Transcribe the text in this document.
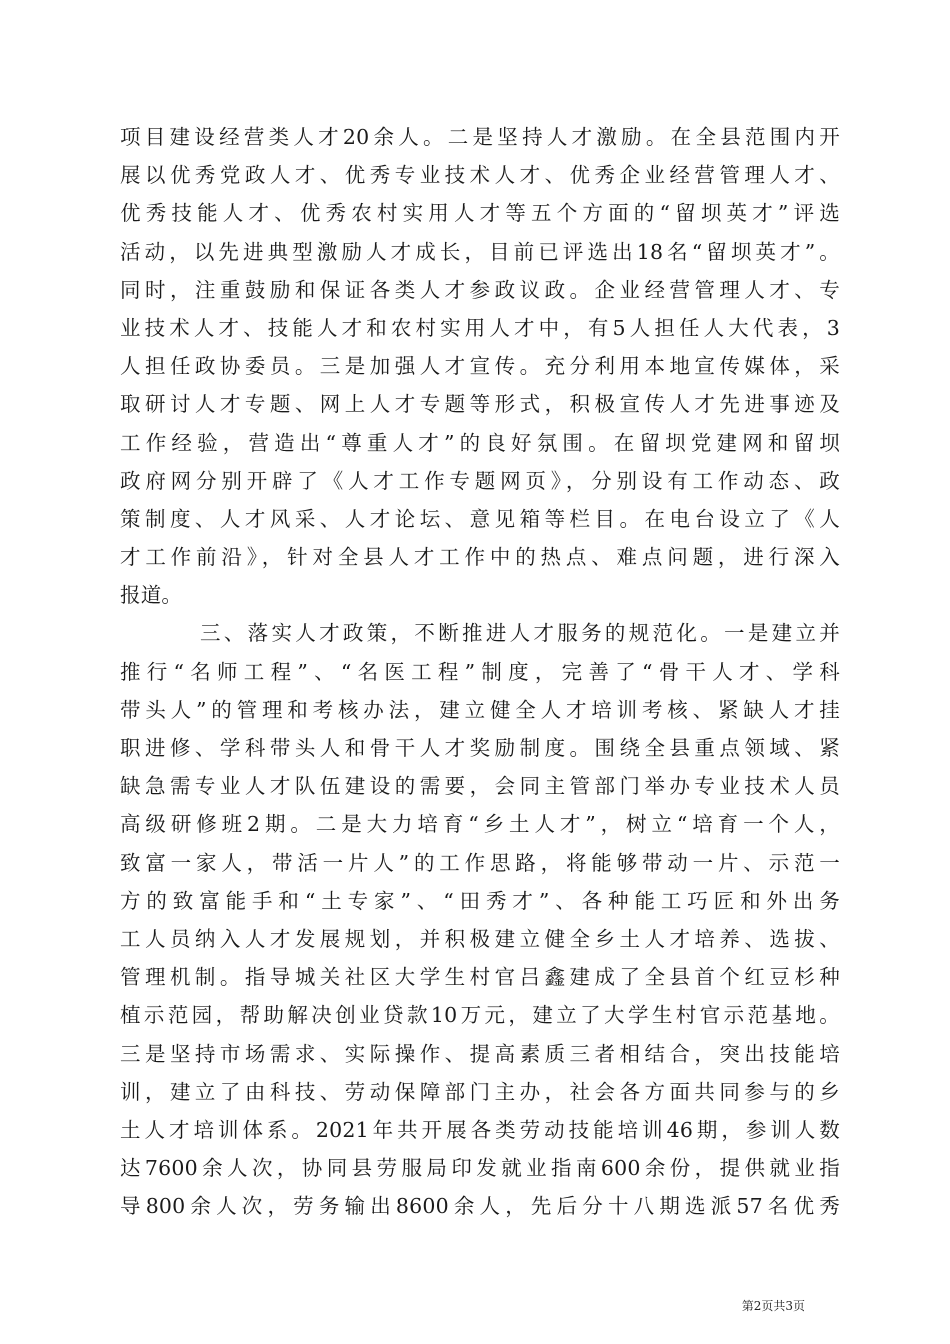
项目建设经营类人才20余人。二是坚持人才激励。在全县范围内开
展以优秀党政人才、优秀专业技术人才、优秀企业经营管理人才、
优秀技能人才、优秀农村实用人才等五个方面的“留坝英才”评选
活动，以先进典型激励人才成长，目前已评选出18名“留坝英才”。
同时，注重鼓励和保证各类人才参政议政。企业经营管理人才、专
业技术人才、技能人才和农村实用人才中，有5人担任人大代表，3
人担任政协委员。三是加强人才宣传。充分利用本地宣传媒体，采
取研讨人才专题、网上人才专题等形式，积极宣传人才先进事迹及
工作经验，营造出“尊重人才”的良好氛围。在留坝党建网和留坝
政府网分别开辟了《人才工作专题网页》，分别设有工作动态、政
策制度、人才风采、人才论坛、意见箱等栏目。在电台设立了《人
才工作前沿》，针对全县人才工作中的热点、难点问题，进行深入
报道。
三、落实人才政策，不断推进人才服务的规范化。一是建立并
推行“名师工程”、“名医工程”制度，完善了“骨干人才、学科
带头人”的管理和考核办法，建立健全人才培训考核、紧缺人才挂
职进修、学科带头人和骨干人才奖励制度。围绕全县重点领域、紧
缺急需专业人才队伍建设的需要，会同主管部门举办专业技术人员
高级研修班2期。二是大力培育“乡土人才”，树立“培育一个人，
致富一家人，带活一片人”的工作思路，将能够带动一片、示范一
方的致富能手和“土专家”、“田秀才”、各种能工巧匠和外出务
工人员纳入人才发展规划，并积极建立健全乡土人才培养、选拔、
管理机制。指导城关社区大学生村官吕鑫建成了全县首个红豆杉种
植示范园，帮助解决创业贷款10万元，建立了大学生村官示范基地。
三是坚持市场需求、实际操作、提高素质三者相结合，突出技能培
训，建立了由科技、劳动保障部门主办，社会各方面共同参与的乡
土人才培训体系。2021年共开展各类劳动技能培训46期，参训人数
达7600余人次，协同县劳服局印发就业指南600余份，提供就业指
导800余人次，劳务输出8600余人，先后分十八期选派57名优秀
第2页共3页
